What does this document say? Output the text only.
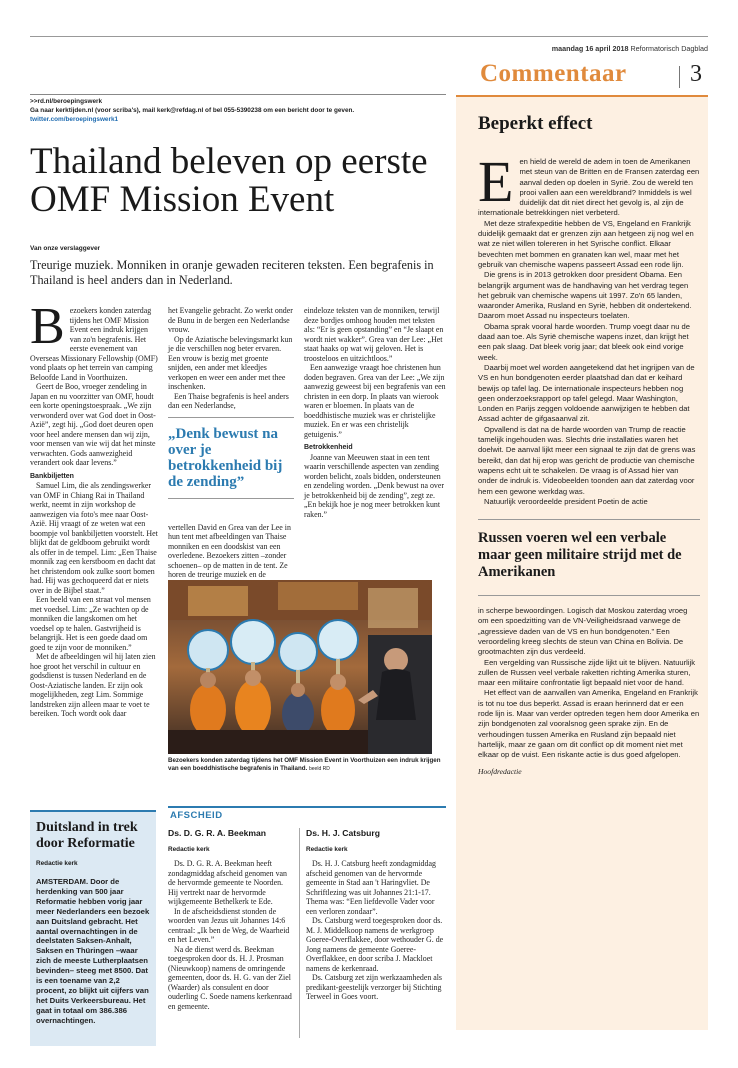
maandag 16 april 2018 Reformatorisch Dagblad
Commentaar	3
>>rd.nl/beroepingswerk
Ga naar kerktijden.nl (voor scriba's), mail kerk@refdag.nl of bel 055-5390238 om een bericht door te geven.
twitter.com/beroepingswerk1
Thailand beleven op eerste OMF Mission Event
Van onze verslaggever
Treurige muziek. Monniken in oranje gewaden reciteren teksten. Een begrafenis in Thailand is heel anders dan in Nederland.

Bezoekers konden zaterdag tijdens het OMF Mission Event een indruk krijgen van zo'n begrafenis. Het eerste evenement van Overseas Missionary Fellowship (OMF) vond plaats op het terrein van camping Beloofde Land in Voorthuizen.

Geert de Boo, vroeger zendeling in Japan en nu voorzitter van OMF, houdt een korte openingstoespraak. „We zijn verwonderd over wat God doet in Oost-Azië”, zegt hij. „God doet deuren open voor heel andere mensen dan wij zijn, voor mensen van wie wij dat het minste verwachten. Gods aanwezigheid verandert ook daar levens.”

Bankbiljetten

Samuel Lim, die als zendingswerker van OMF in Chiang Rai in Thailand werkt, neemt in zijn workshop de aanwezigen via foto's mee naar Oost-Azië. Hij vraagt of ze weten wat een boompje vol bankbiljetten voorstelt. Het blijkt dat de geldboom gebruikt wordt als offer in de tempel. Lim: „Een Thaise monnik zag een kerstboom en dacht dat het christendom ook zulke soort bomen had. Hij was gechoqueerd dat er niets over in de Bijbel staat.”

Een beeld van een straat vol mensen met voedsel. Lim: „Ze wachten op de monniken die langskomen om het voedsel op te halen. Gastvrijheid is belangrijk. Het is een goede daad om goed te zijn voor de monniken.”

Met de afbeeldingen wil hij laten zien hoe groot het verschil in cultuur en godsdienst is tussen Nederland en de Oost-Aziatische landen. Er zijn ook mogelijkheden, zegt Lim. Sommige landstreken zijn alleen maar te voet te bereiken. Toch wordt ook daar

het Evangelie gebracht. Zo werkt onder de Bunu in de bergen een Nederlandse vrouw.

Op de Aziatische belevingsmarkt kun je die verschillen nog beter ervaren. Een vrouw is bezig met groente snijden, een ander met kleedjes verkopen en weer een ander met thee inschenken.

Een Thaise begrafenis is heel anders dan een Nederlandse,

vertellen David en Grea van der Lee in hun tent met afbeeldingen van Thaise monniken en een doodskist van een overledene. Bezoekers zitten –zonder schoenen– op de matten in de tent. Ze horen de treurige muziek en de

„Denk bewust na over je betrokkenheid bij de zending”

eindeloze teksten van de monniken, terwijl deze bordjes omhoog houden met teksten als: “Er is geen opstanding” en “Je slaapt en wordt niet wakker”. Grea van der Lee: „Het staat haaks op wat wij geloven. Het is troosteloos en uitzichtloos.”

Een aanwezige vraagt hoe christenen hun doden begraven. Grea van der Lee: „We zijn aanwezig geweest bij een begrafenis van een christen in een dorp. In plaats van wierook waren er bloemen. In plaats van de boeddhistische muziek was er christelijke muziek. En er was een christelijk getuigenis.”

Betrokkenheid

Joanne van Meeuwen staat in een tent waarin verschillende aspecten van zending worden belicht, zoals bidden, ondersteunen en zendeling worden. „Denk bewust na over je betrokkenheid bij de zending”, zegt ze. „En bekijk hoe je nog meer betrokken kunt raken.”

Bezoekers konden zaterdag tijdens het OMF Mission Event in Voorthuizen een indruk krijgen van een boeddhistische begrafenis in Thailand. beeld RD
Duitsland in trek door Reformatie
Redactie kerk
AMSTERDAM. Door de herdenking van 500 jaar Reformatie hebben vorig jaar meer Nederlanders een bezoek aan Duitsland gebracht. Het aantal overnachtingen in de deelstaten Saksen-Anhalt, Saksen en Thüringen –waar zich de meeste Lutherplaatsen bevinden– steeg met 8500. Dat is een toename van 2,2 procent, zo blijkt uit cijfers van het Duits Verkeersbureau. Het gaat in totaal om 386.386 overnachtingen.
AFSCHEID
Ds. D. G. R. A. Beekman
Redactie kerk

Ds. D. G. R. A. Beekman heeft zondagmiddag afscheid genomen van de hervormde gemeente te Noorden. Hij vertrekt naar de hervormde wijkgemeente Bethelkerk te Ede.

In de afscheidsdienst stonden de woorden van Jezus uit Johannes 14:6 centraal: „Ik ben de Weg, de Waarheid en het Leven.”

Na de dienst werd ds. Beekman toegesproken door ds. H. J. Prosman (Nieuwkoop) namens de omringende gemeenten, door ds. H. G. van der Ziel (Waarder) als consulent en door ouderling C. Soede namens kerkenraad en gemeente.

Ds. H. J. Catsburg
Redactie kerk

Ds. H. J. Catsburg heeft zondagmiddag afscheid genomen van de hervormde gemeente in Stad aan 't Haringvliet. De Schriftlezing was uit Johannes 21:1-17. Thema was: “Een liefdevolle Vader voor een verloren zondaar”.

Ds. Catsburg werd toegesproken door ds. M. J. Middelkoop namens de werkgroep Goeree-Overflakkee, door wethouder G. de Jong namens de gemeente Goeree-Overflakkee, en door scriba J. Mackloet namens de kerkenraad.

Ds. Catsburg zet zijn werkzaamheden als predikant-geestelijk verzorger bij Stichting Terweel in Goes voort.

Beperkt effect

Een hield de wereld de adem in toen de Amerikanen met steun van de Britten en de Fransen zaterdag een aanval deden op doelen in Syrië. Zou de wereld ten prooi vallen aan een wereldbrand? Inmiddels is wel duidelijk dat dit niet direct het gevolg is, al zijn de internationale betrekkingen niet verbeterd.

Met deze strafexpeditie hebben de VS, Engeland en Frankrijk duidelijk gemaakt dat er grenzen zijn aan hetgeen zij nog wel en wat ze niet willen tolereren in het Syrische conflict. Elkaar bevechten met bommen en granaten kan wel, maar met het gebruik van chemische wapens passeert Assad een rode lijn.

Die grens is in 2013 getrokken door president Obama. Een belangrijk argument was de handhaving van het verdrag tegen het gebruik van chemische wapens uit 1997. Zo'n 65 landen, waaronder Amerika, Rusland en Syrië, hebben dit ondertekend. Daarom moet Assad nu inspecteurs toelaten.

Obama sprak vooral harde woorden. Trump voegt daar nu de daad aan toe. Als Syrië chemische wapens inzet, dan krijgt het een pak slaag. Dat bleek vorig jaar; dat bleek ook eind vorige week.

Daarbij moet wel worden aangetekend dat het ingrijpen van de VS en hun bondgenoten eerder plaatshad dan dat er keihard bewijs op tafel lag. De internationale inspecteurs hebben nog geen onderzoeksrapport op tafel gelegd. Maar Washington, Londen en Parijs zeggen voldoende aanwijzigen te hebben dat Assad achter de gifgasaanval zit.

Opvallend is dat na de harde woorden van Trump de reactie tamelijk ingehouden was. Slechts drie installaties waren het doelwit. De aanval lijkt meer een signaal te zijn dat de grens was bereikt, dan dat hij erop was gericht de productie van chemische wapens echt uit te schakelen. De vraag is of Assad hier van onder de indruk is. Videobeelden toonden aan dat zaterdag voor hem een gewone werkdag was.

Natuurlijk veroordeelde president Poetin de actie

Russen voeren wel een verbale maar geen militaire strijd met de Amerikanen

in scherpe bewoordingen. Logisch dat Moskou zaterdag vroeg om een spoedzitting van de VN-Veiligheidsraad vanwege de „agressieve daden van de VS en hun bondgenoten.” Een veroordeling kreeg slechts de steun van China en Bolivia. De grootmachten zijn dus verdeeld.

Een vergelding van Russische zijde lijkt uit te blijven. Natuurlijk zullen de Russen veel verbale raketten richting Amerika sturen, maar een militaire confrontatie ligt bepaald niet voor de hand.

Het effect van de aanvallen van Amerika, Engeland en Frankrijk is tot nu toe dus beperkt. Assad is eraan herinnerd dat er een rode lijn is. Maar van verder optreden tegen hem door Amerika en zijn bondgenoten zal vooralsnog geen sprake zijn. En de verhoudingen tussen Amerika en Rusland zijn bepaald niet hartelijk, maar ze gaan om dit conflict op dit moment niet met elkaar op de vuist. Een riskante actie is dus goed afgelopen.

Hoofdredactie
